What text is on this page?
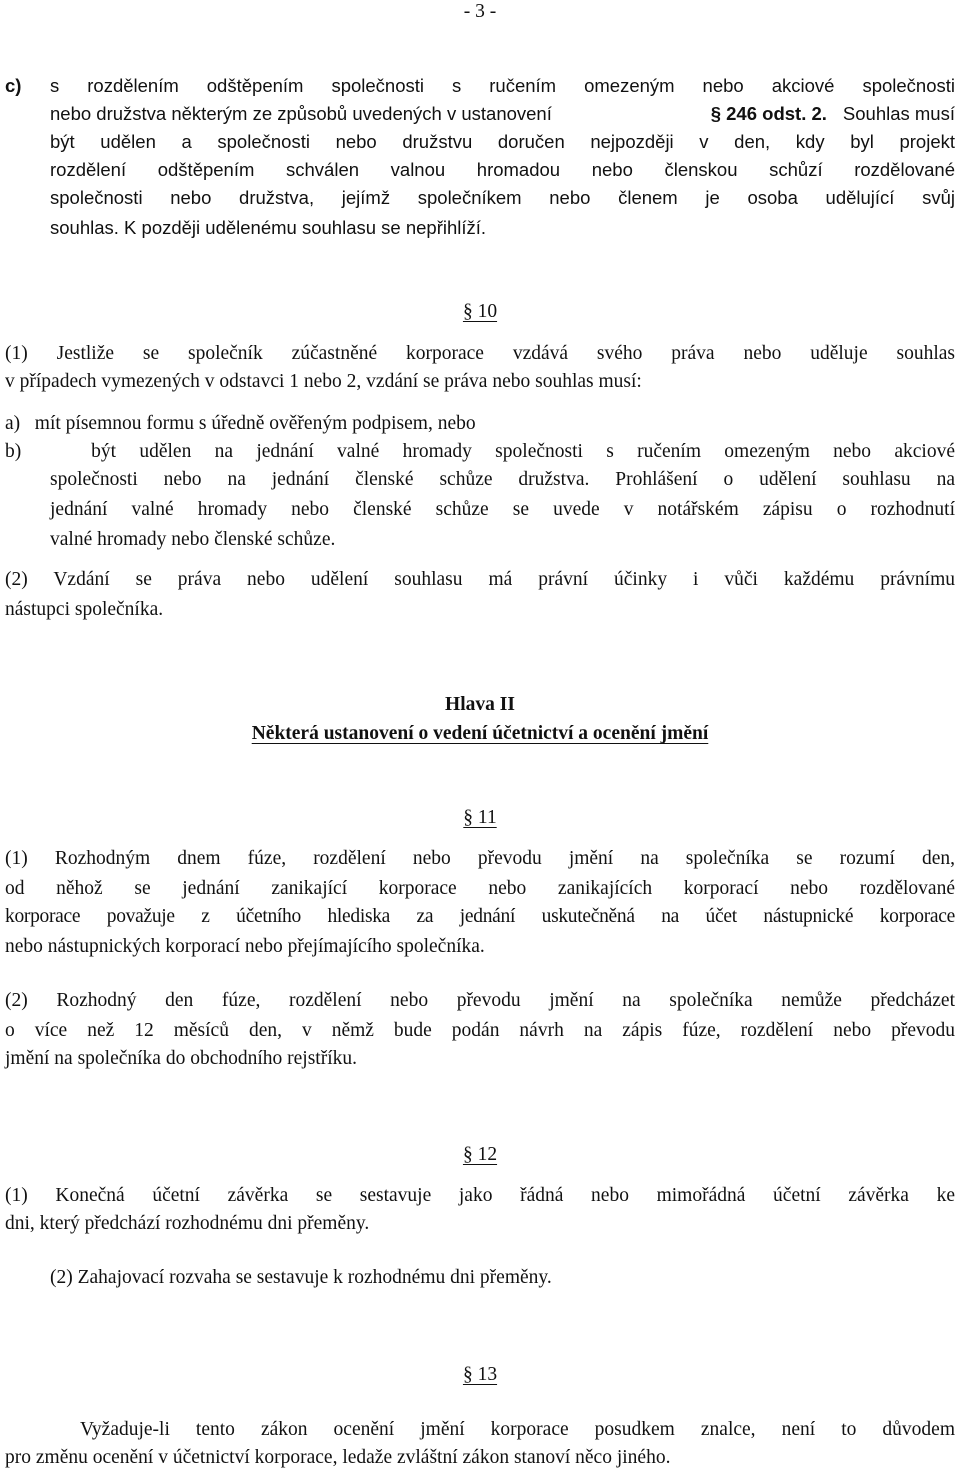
- 3 -
c) s rozdělením odštěpením společnosti s ručením omezeným nebo akciové společnosti
nebo družstva některým ze způsobů uvedených v ustanovení	§ 246 odst. 2. Souhlas musí
být udělen a společnosti nebo družstvu doručen nejpozději v den, kdy byl projekt
rozdělení odštěpením schválen valnou hromadou nebo členskou schůzí rozdělované
společnosti nebo družstva, jejímž společníkem nebo členem je osoba udělující svůj
souhlas. K později udělenému souhlasu se nepřihlíží.
§ 10
(1) Jestliže se společník zúčastněné korporace vzdává svého práva nebo uděluje souhlas
v případech vymezených v odstavci 1 nebo 2, vzdání se práva nebo souhlas musí:
a)   mít písemnou formu s úředně ověřeným podpisem, nebo
b)   být udělen na jednání valné hromady společnosti s ručením omezeným nebo akciové
společnosti nebo na jednání členské schůze družstva. Prohlášení o udělení souhlasu na
jednání valné hromady nebo členské schůze se uvede v notářském zápisu o rozhodnutí
valné hromady nebo členské schůze.
(2) Vzdání se práva nebo udělení souhlasu má právní účinky i vůči každému právnímu
nástupci společníka.
Hlava II
Některá ustanovení o vedení účetnictví a ocenění jmění
§ 11
(1) Rozhodným dnem fúze, rozdělení nebo převodu jmění na společníka se rozumí den,
od něhož se jednání zanikající korporace nebo zanikajících korporací nebo rozdělované
korporace považuje z účetního hlediska za jednání uskutečněná na účet nástupnické korporace
nebo nástupnických korporací nebo přejímajícího společníka.
(2) Rozhodný den fúze, rozdělení nebo převodu jmění na společníka nemůže předcházet
o více než 12 měsíců den, v němž bude podán návrh na zápis fúze, rozdělení nebo převodu
jmění na společníka do obchodního rejstříku.
§ 12
(1) Konečná účetní závěrka se sestavuje jako řádná nebo mimořádná účetní závěrka ke
dni, který předchází rozhodnému dni přeměny.
(2) Zahajovací rozvaha se sestavuje k rozhodnému dni přeměny.
§ 13
Vyžaduje-li tento zákon ocenění jmění korporace posudkem znalce, není to důvodem
pro změnu ocenění v účetnictví korporace, ledaže zvláštní zákon stanoví něco jiného.
